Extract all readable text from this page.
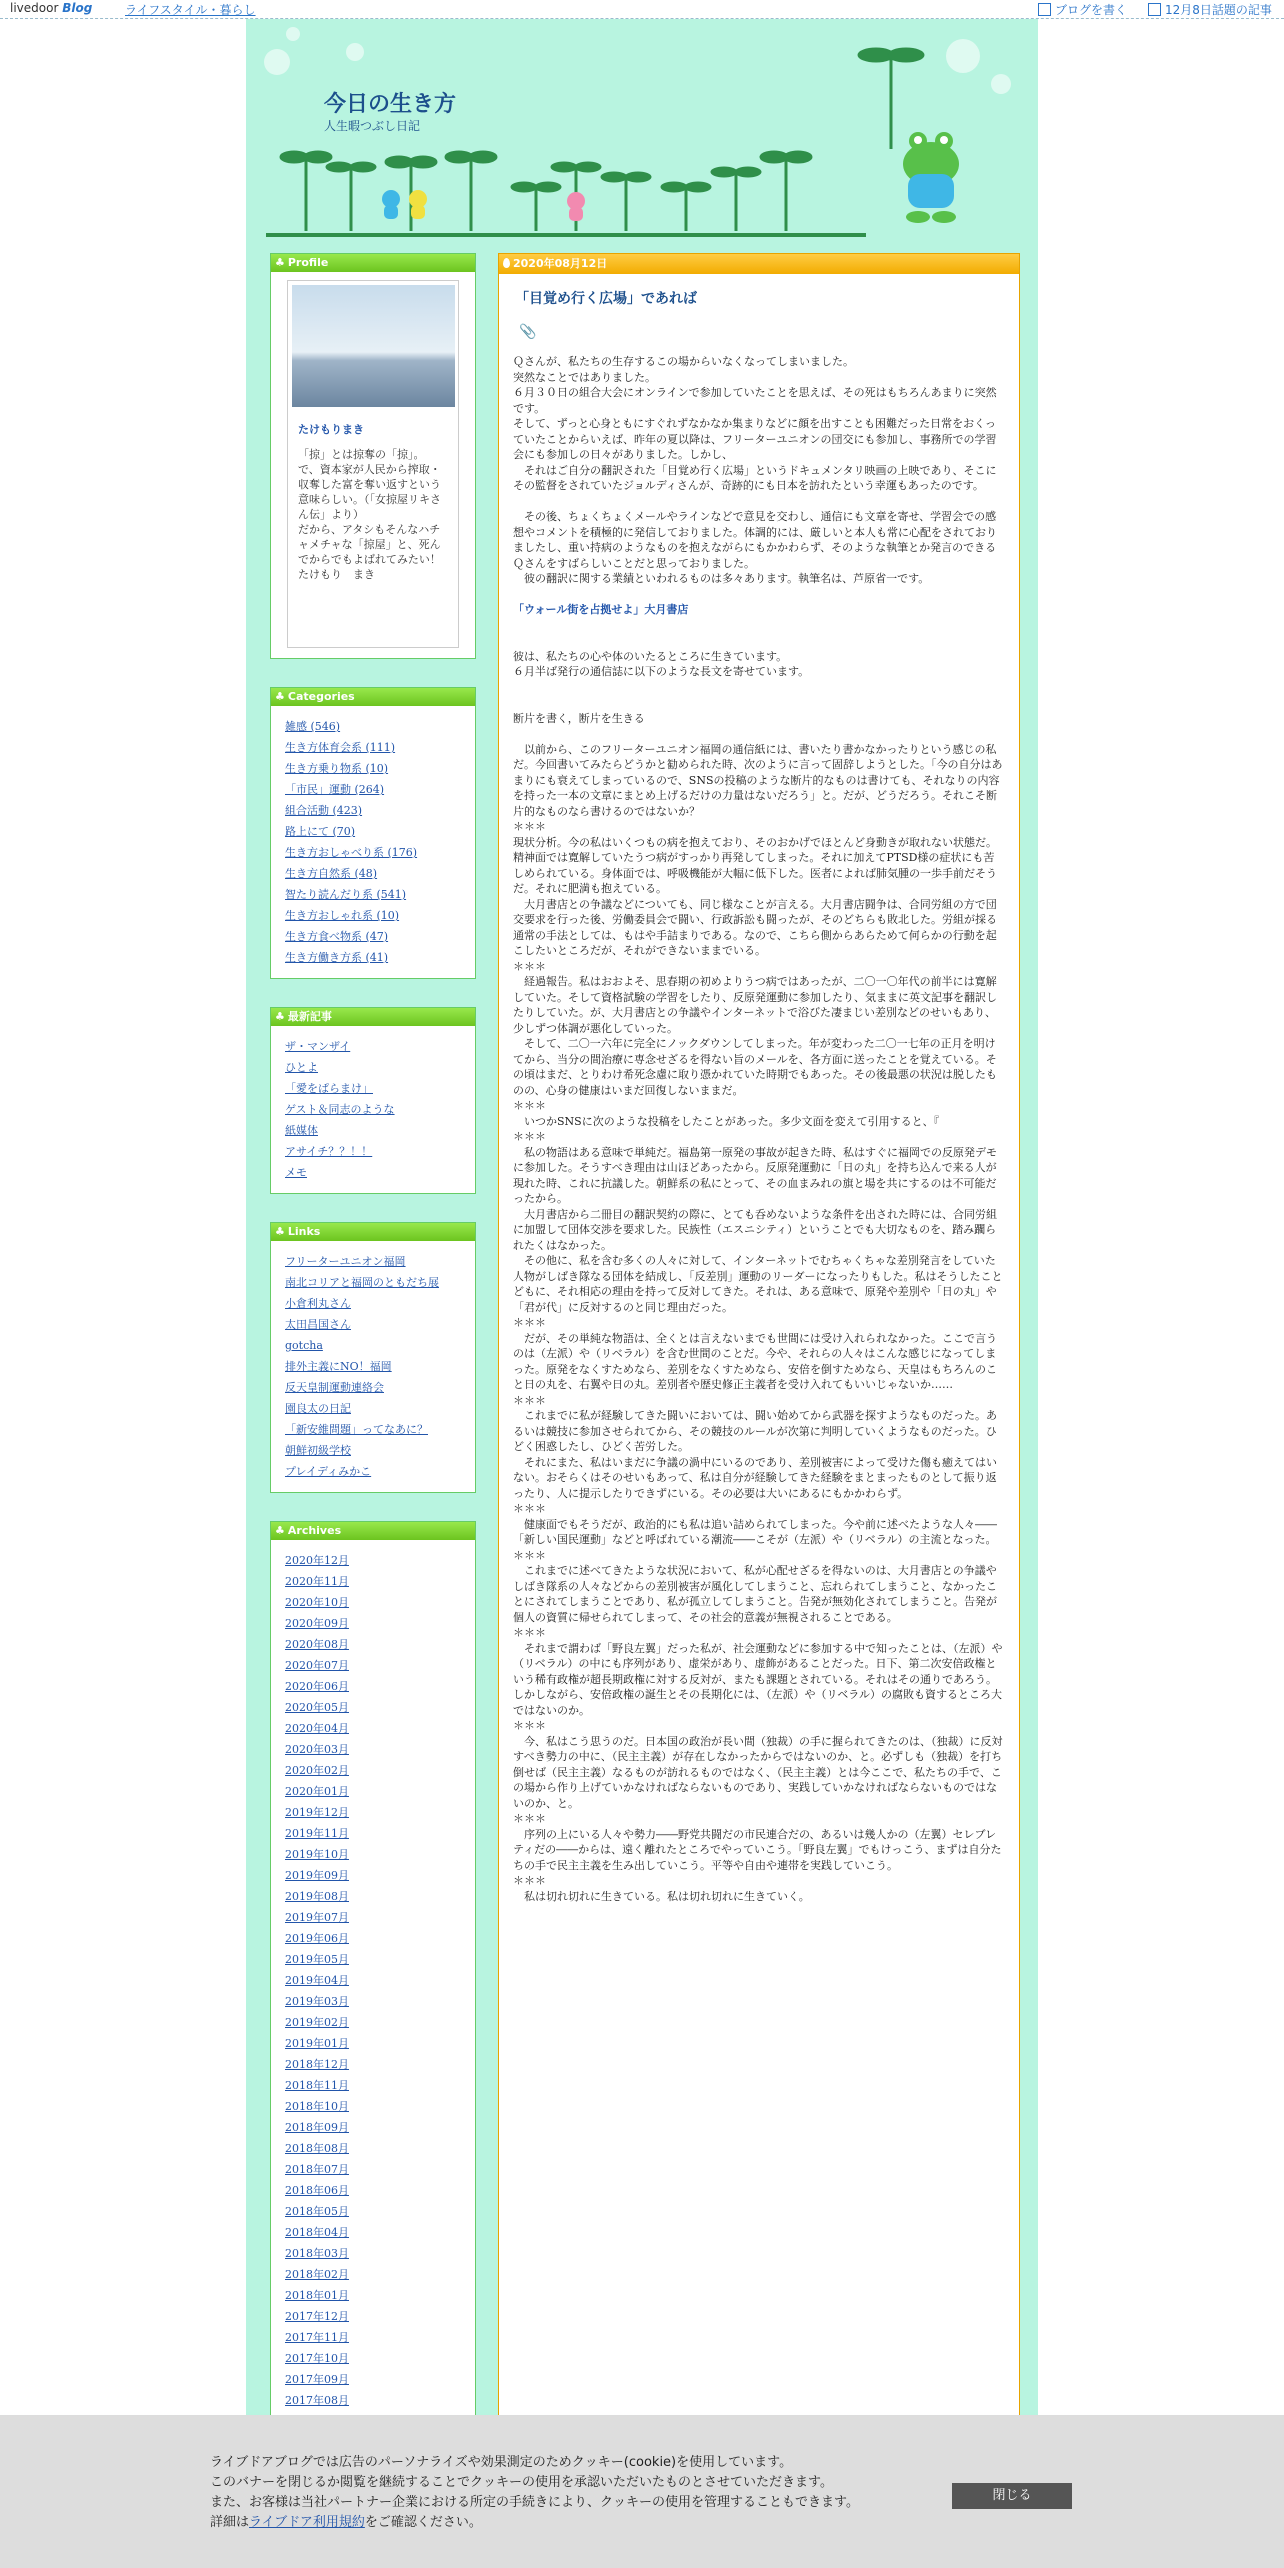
livedoor Blog	ライフスタイル・暮らし	ブログを書く	12月8日話題の記事
今日の生き方
人生暇つぶし日記
♣ Profile
たけもりまき
「掠」とは掠奪の「掠」。
で、資本家が人民から搾取・収奪した富を奪い返すという意味らしい。（「女掠屋リキさん伝」より）
だから、アタシもそんなハチャメチャな「掠屋」と、死んでからでもよばれてみたい！
たけもり　まき
♣ Categories
雑感 (546)
生き方体育会系 (111)
生き方乗り物系 (10)
「市民」運動 (264)
組合活動 (423)
路上にて (70)
生き方おしゃべり系 (176)
生き方自然系 (48)
智たり読んだり系 (541)
生き方おしゃれ系 (10)
生き方食べ物系 (47)
生き方働き方系 (41)
♣ 最新記事
ザ・マンザイ
ひとよ
「愛をぱらまけ」
ゲスト＆同志のような
紙媒体
アサイチ？？！！
メモ
♣ Links
フリーターユニオン福岡
南北コリアと福岡のともだち展
小倉利丸さん
太田昌国さん
gotcha
排外主義にNO！福岡
反天皇制運動連絡会
園良太の日記
「新安維問題」ってなあに？
朝鮮初級学校
プレイディみかこ
♣ Archives
2020年12月
2020年11月
2020年10月
2020年09月
2020年08月
2020年07月
2020年06月
2020年05月
2020年04月
2020年03月
2020年02月
2020年01月
2019年12月
2019年11月
2019年10月
2019年09月
2019年08月
2019年07月
2019年06月
2019年05月
2019年04月
2019年03月
2019年02月
2019年01月
2018年12月
2018年11月
2018年10月
2018年09月
2018年08月
2018年07月
2018年06月
2018年05月
2018年04月
2018年03月
2018年02月
2018年01月
2017年12月
2017年11月
2017年10月
2017年09月
2017年08月
2020年08月12日
「目覚め行く広場」であれば
📎

Ｑさんが、私たちの生存するこの場からいなくなってしまいました。
突然なことではありました。
６月３０日の組合大会にオンラインで参加していたことを思えば、その死はもちろんあまりに突然です。
そして、ずっと心身ともにすぐれずなかなか集まりなどに顔を出すことも困難だった日常をおくっていたことからいえば、昨年の夏以降は、フリーターユニオンの団交にも参加し、事務所での学習会にも参加しの日々がありました。しかし、
　それはご自分の翻訳された「目覚め行く広場」というドキュメンタリ映画の上映であり、そこにその監督をされていたジョルディさんが、奇跡的にも日本を訪れたという幸運もあったのです。

　その後、ちょくちょくメールやラインなどで意見を交わし、通信にも文章を寄せ、学習会での感想やコメントを積極的に発信しておりました。体調的には、厳しいと本人も常に心配をされておりましたし、重い持病のようなものを抱えながらにもかかわらず、そのような執筆とか発言のできるＱさんをすばらしいことだと思っておりました。
　彼の翻訳に関する業績といわれるものは多々あります。執筆名は、芦原省一です。

「ウォール街を占拠せよ」大月書店

彼は、私たちの心や体のいたるところに生きています。
６月半ば発行の通信誌に以下のような長文を寄せています。

断片を書く，断片を生きる

　以前から、このフリーターユニオン福岡の通信紙には、書いたり書かなかったりという感じの私だ。今回書いてみたらどうかと勧められた時、次のように言って固辞しようとした。「今の自分はあまりにも衰えてしまっているので、SNSの投稿のような断片的なものは書けても、それなりの内容を持った一本の文章にまとめ上げるだけの力量はないだろう」と。だが、どうだろう。それこそ断片的なものなら書けるのではないか？
＊＊＊
現状分析。今の私はいくつもの病を抱えており、そのおかげでほとんど身動きが取れない状態だ。精神面では寛解していたうつ病がすっかり再発してしまった。それに加えてPTSD様の症状にも苦しめられている。身体面では、呼吸機能が大幅に低下した。医者によれば肺気腫の一歩手前だそうだ。それに肥満も抱えている。
　大月書店との争議などについても、同じ様なことが言える。大月書店闘争は、合同労組の方で団交要求を行った後、労働委員会で闘い、行政訴訟も闘ったが、そのどちらも敗北した。労組が採る通常の手法としては、もはや手詰まりである。なので、こちら側からあらためて何らかの行動を起こしたいところだが、それができないままでいる。
＊＊＊
　経過報告。私はおおよそ、思春期の初めよりうつ病ではあったが、二〇一〇年代の前半には寛解していた。そして資格試験の学習をしたり、反原発運動に参加したり、気ままに英文記事を翻訳したりしていた。が、大月書店との争議やインターネットで浴びた凄まじい差別などのせいもあり、少しずつ体調が悪化していった。
　そして、二〇一六年に完全にノックダウンしてしまった。年が変わった二〇一七年の正月を明けてから、当分の間治療に専念せざるを得ない旨のメールを、各方面に送ったことを覚えている。その頃はまだ、とりわけ希死念慮に取り憑かれていた時期でもあった。その後最悪の状況は脱したものの、心身の健康はいまだ回復しないままだ。
＊＊＊
　いつかSNSに次のような投稿をしたことがあった。多少文面を変えて引用すると、『
＊＊＊
　私の物語はある意味で単純だ。福島第一原発の事故が起きた時、私はすぐに福岡での反原発デモに参加した。そうすべき理由は山ほどあったから。反原発運動に「日の丸」を持ち込んで来る人が現れた時、これに抗議した。朝鮮系の私にとって、その血まみれの旗と場を共にするのは不可能だったから。
　大月書店から二冊目の翻訳契約の際に、とても呑めないような条件を出された時には、合同労組に加盟して団体交渉を要求した。民族性（エスニシティ）ということでも大切なものを、踏み躙られたくはなかった。
　その他に、私を含む多くの人々に対して、インターネットでむちゃくちゃな差別発言をしていた人物がしばき隊なる団体を結成し、「反差別」運動のリーダーになったりもした。私はそうしたことどもに、それ相応の理由を持って反対してきた。それは、ある意味で、原発や差別や「日の丸」や「君が代」に反対するのと同じ理由だった。
＊＊＊
　だが、その単純な物語は、全くとは言えないまでも世間には受け入れられなかった。ここで言うのは（左派）や（リベラル）を含む世間のことだ。今や、それらの人々はこんな感じになってしまった。原発をなくすためなら、差別をなくすためなら、安倍を倒すためなら、天皇はもちろんのこと日の丸を、右翼や日の丸。差別者や歴史修正主義者を受け入れてもいいじゃないか……
＊＊＊
　これまでに私が経験してきた闘いにおいては、闘い始めてから武器を探すようなものだった。あるいは競技に参加させられてから、その競技のルールが次第に判明していくようなものだった。ひどく困惑したし、ひどく苦労した。
　それにまた、私はいまだに争議の渦中にいるのであり、差別被害によって受けた傷も癒えてはいない。おそらくはそのせいもあって、私は自分が経験してきた経験をまとまったものとして振り返ったり、人に提示したりできずにいる。その必要は大いにあるにもかかわらず。
＊＊＊
　健康面でもそうだが、政治的にも私は追い詰められてしまった。今や前に述べたような人々――「新しい国民運動」などと呼ばれている潮流――こそが（左派）や（リベラル）の主流となった。
＊＊＊
　これまでに述べてきたような状況において、私が心配せざるを得ないのは、大月書店との争議やしばき隊系の人々などからの差別被害が風化してしまうこと、忘れられてしまうこと、なかったことにされてしまうことであり、私が孤立してしまうこと。告発が無効化されてしまうこと。告発が個人の資質に帰せられてしまって、その社会的意義が無視されることである。
＊＊＊
　それまで謂わば「野良左翼」だった私が、社会運動などに参加する中で知ったことは、（左派）や（リベラル）の中にも序列があり、虚栄があり、虚飾があることだった。日下、第二次安倍政権という稀有政権が超長期政権に対する反対が、またも課題とされている。それはその通りであろう。しかしながら、安倍政権の誕生とその長期化には、（左派）や（リベラル）の腐敗も資するところ大ではないのか。
＊＊＊
　今、私はこう思うのだ。日本国の政治が長い間（独裁）の手に握られてきたのは、（独裁）に反対すべき勢力の中に、（民主主義）が存在しなかったからではないのか、と。必ずしも（独裁）を打ち倒せば（民主主義）なるものが訪れるものではなく、（民主主義）とは今ここで、私たちの手で、この場から作り上げていかなければならないものであり、実践していかなければならないものではないのか、と。
＊＊＊
　序列の上にいる人々や勢力――野党共闘だの市民連合だの、あるいは幾人かの（左翼）セレブレティだの――からは、遠く離れたところでやっていこう。「野良左翼」でもけっこう、まずは自分たちの手で民主主義を生み出していこう。平等や自由や連帯を実践していこう。
＊＊＊
　私は切れ切れに生きている。私は切れ切れに生きていく。

ライブドアブログでは広告のパーソナライズや効果測定のためクッキー(cookie)を使用しています。
このバナーを閉じるか閲覧を継続することでクッキーの使用を承認いただいたものとさせていただきます。
また、お客様は当社パートナー企業における所定の手続きにより、クッキーの使用を管理することもできます。
詳細はライブドア利用規約をご確認ください。
閉じる
